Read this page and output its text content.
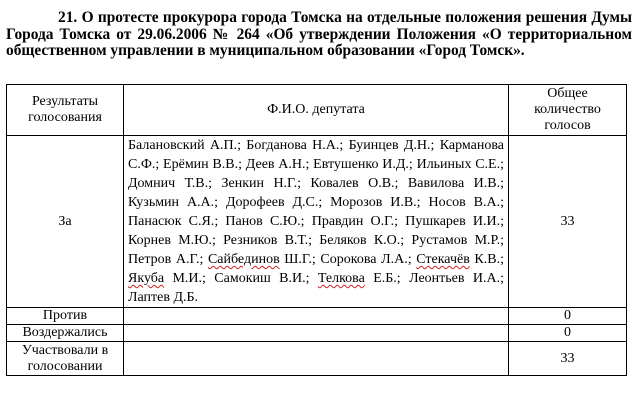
21. О протесте прокурора города Томска на отдельные положения решения Думы Города Томска от 29.06.2006 № 264 «Об утверждении Положения «О территориальном общественном управлении в муниципальном образовании «Город Томск».

Результаты голосования	Ф.И.О. депутата	Общее количество голосов
За	Балановский А.П.; Богданова Н.А.; Буинцев Д.Н.; Карманова С.Ф.; Ерёмин В.В.; Деев А.Н.; Евтушенко И.Д.; Ильиных С.Е.; Домнич Т.В.; Зенкин Н.Г.; Ковалев О.В.; Вавилова И.В.; Кузьмин А.А.; Дорофеев Д.С.; Морозов И.В.; Носов В.А.; Панасюк С.Я.; Панов С.Ю.; Правдин О.Г.; Пушкарев И.И.; Корнев М.Ю.; Резников В.Т.; Беляков К.О.; Рустамов М.Р.; Петров А.Г.; Сайбединов Ш.Г.; Сорокова Л.А.; Стекачёв К.В.; Якуба М.И.; Самокиш В.И.; Телкова Е.Б.; Леонтьев И.А.; Лаптев Д.Б.	33
Против		0
Воздержались		0
Участвовали в голосовании		33
